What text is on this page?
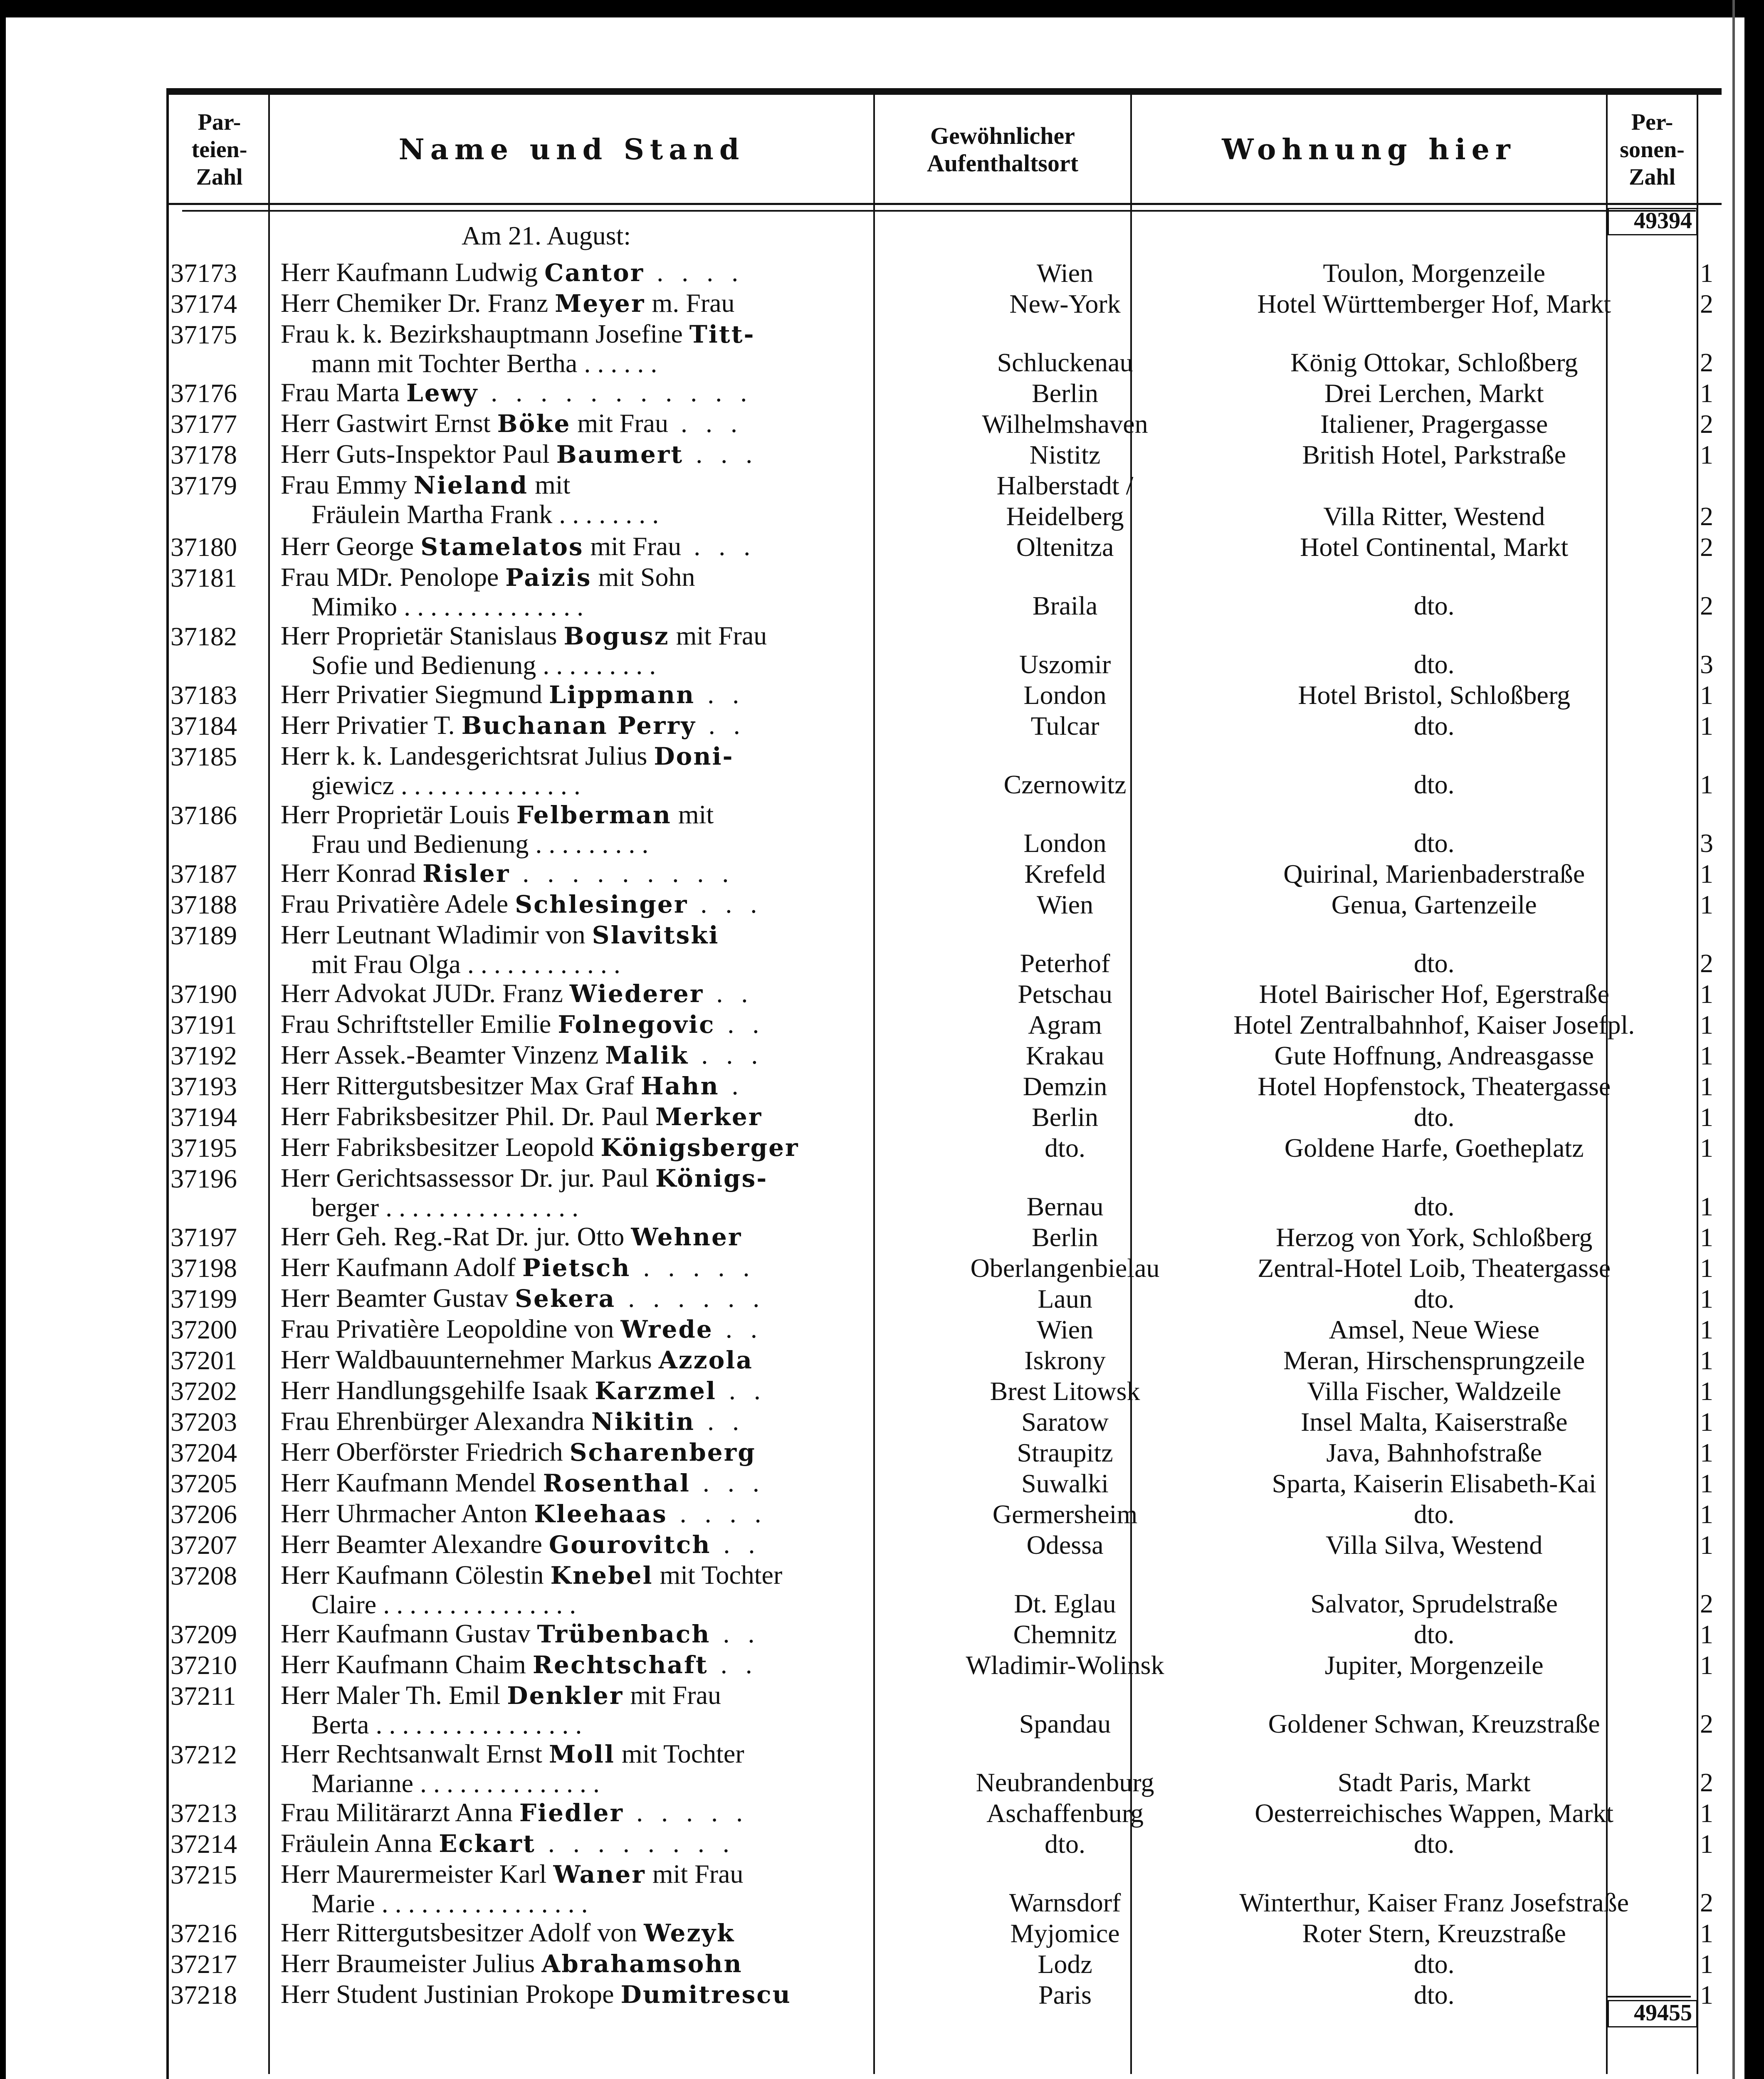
Par- teien- Zahl
Name und Stand	Gewöhnlicher Aufenthaltsort	Wohnung hier
Per- sonen- Zahl
49394
Am 21. August:
37173	Herr Kaufmann Ludwig Cantor . . . .	Wien	Toulon, Morgenzeile	1
37174	Herr Chemiker Dr. Franz Meyer m. Frau	New-York	Hotel Württemberger Hof, Markt	2
37175	Frau k. k. Bezirkshauptmann Josefine Titt-
mann mit Tochter Bertha . . . . . .	Schluckenau	König Ottokar, Schloßberg	2
37176	Frau Marta Lewy . . . . . . . . . . .	Berlin	Drei Lerchen, Markt	1
37177	Herr Gastwirt Ernst Böke mit Frau . . .	Wilhelmshaven	Italiener, Pragergasse	2
37178	Herr Guts-Inspektor Paul Baumert . . .	Nistitz	British Hotel, Parkstraße	1
37179	Frau Emmy Nieland mit
Fräulein Martha Frank . . . . . . . .
Halberstadt / Heidelberg	Villa Ritter, Westend	2
37180	Herr George Stamelatos mit Frau . . .	Oltenitza	Hotel Continental, Markt	2
37181	Frau MDr. Penolope Paizis mit Sohn
Mimiko . . . . . . . . . . . . . .	Braila	dto.	2
37182	Herr Proprietär Stanislaus Bogusz mit Frau
Sofie und Bedienung . . . . . . . . .	Uszomir	dto.	3
37183	Herr Privatier Siegmund Lippmann . .	London	Hotel Bristol, Schloßberg	1
37184	Herr Privatier T. Buchanan Perry . .	Tulcar	dto.	1
37185	Herr k. k. Landesgerichtsrat Julius Doni-
giewicz . . . . . . . . . . . . . .	Czernowitz	dto.	1
37186	Herr Proprietär Louis Felberman mit
Frau und Bedienung . . . . . . . . .	London	dto.	3
37187	Herr Konrad Risler . . . . . . . . .	Krefeld	Quirinal, Marienbaderstraße	1
37188	Frau Privatière Adele Schlesinger . . .	Wien	Genua, Gartenzeile	1
37189	Herr Leutnant Wladimir von Slavitski
mit Frau Olga . . . . . . . . . . . .	Peterhof	dto.	2
37190	Herr Advokat JUDr. Franz Wiederer . .	Petschau	Hotel Bairischer Hof, Egerstraße	1
37191	Frau Schriftsteller Emilie Folnegovic . .	Agram	Hotel Zentralbahnhof, Kaiser Josefpl.	1
37192	Herr Assek.-Beamter Vinzenz Malik . . .	Krakau	Gute Hoffnung, Andreasgasse	1
37193	Herr Rittergutsbesitzer Max Graf Hahn .	Demzin	Hotel Hopfenstock, Theatergasse	1
37194	Herr Fabriksbesitzer Phil. Dr. Paul Merker	Berlin	dto.	1
37195	Herr Fabriksbesitzer Leopold Königsberger	dto.	Goldene Harfe, Goetheplatz	1
37196	Herr Gerichtsassessor Dr. jur. Paul Königs-
berger . . . . . . . . . . . . . . .	Bernau	dto.	1
37197	Herr Geh. Reg.-Rat Dr. jur. Otto Wehner	Berlin	Herzog von York, Schloßberg	1
37198	Herr Kaufmann Adolf Pietsch . . . . .	Oberlangenbielau	Zentral-Hotel Loib, Theatergasse	1
37199	Herr Beamter Gustav Sekera . . . . . .	Laun	dto.	1
37200	Frau Privatière Leopoldine von Wrede . .	Wien	Amsel, Neue Wiese	1
37201	Herr Waldbauunternehmer Markus Azzola	Iskrony	Meran, Hirschensprungzeile	1
37202	Herr Handlungsgehilfe Isaak Karzmel . .	Brest Litowsk	Villa Fischer, Waldzeile	1
37203	Frau Ehrenbürger Alexandra Nikitin . .	Saratow	Insel Malta, Kaiserstraße	1
37204	Herr Oberförster Friedrich Scharenberg	Straupitz	Java, Bahnhofstraße	1
37205	Herr Kaufmann Mendel Rosenthal . . .	Suwalki	Sparta, Kaiserin Elisabeth-Kai	1
37206	Herr Uhrmacher Anton Kleehaas . . . .	Germersheim	dto.	1
37207	Herr Beamter Alexandre Gourovitch . .	Odessa	Villa Silva, Westend	1
37208	Herr Kaufmann Cölestin Knebel mit Tochter
Claire . . . . . . . . . . . . . . .	Dt. Eglau	Salvator, Sprudelstraße	2
37209	Herr Kaufmann Gustav Trübenbach . .	Chemnitz	dto.	1
37210	Herr Kaufmann Chaim Rechtschaft . .	Wladimir-Wolinsk	Jupiter, Morgenzeile	1
37211	Herr Maler Th. Emil Denkler mit Frau
Berta . . . . . . . . . . . . . . . .	Spandau	Goldener Schwan, Kreuzstraße	2
37212	Herr Rechtsanwalt Ernst Moll mit Tochter
Marianne . . . . . . . . . . . . . .	Neubrandenburg	Stadt Paris, Markt	2
37213	Frau Militärarzt Anna Fiedler . . . . .	Aschaffenburg	Oesterreichisches Wappen, Markt	1
37214	Fräulein Anna Eckart . . . . . . . .	dto.	dto.	1
37215	Herr Maurermeister Karl Waner mit Frau
Marie . . . . . . . . . . . . . . . .	Warnsdorf	Winterthur, Kaiser Franz Josefstraße	2
37216	Herr Rittergutsbesitzer Adolf von Wezyk	Myjomice	Roter Stern, Kreuzstraße	1
37217	Herr Braumeister Julius Abrahamsohn	Lodz	dto.	1
37218	Herr Student Justinian Prokope Dumitrescu	Paris	dto.	1
49455
